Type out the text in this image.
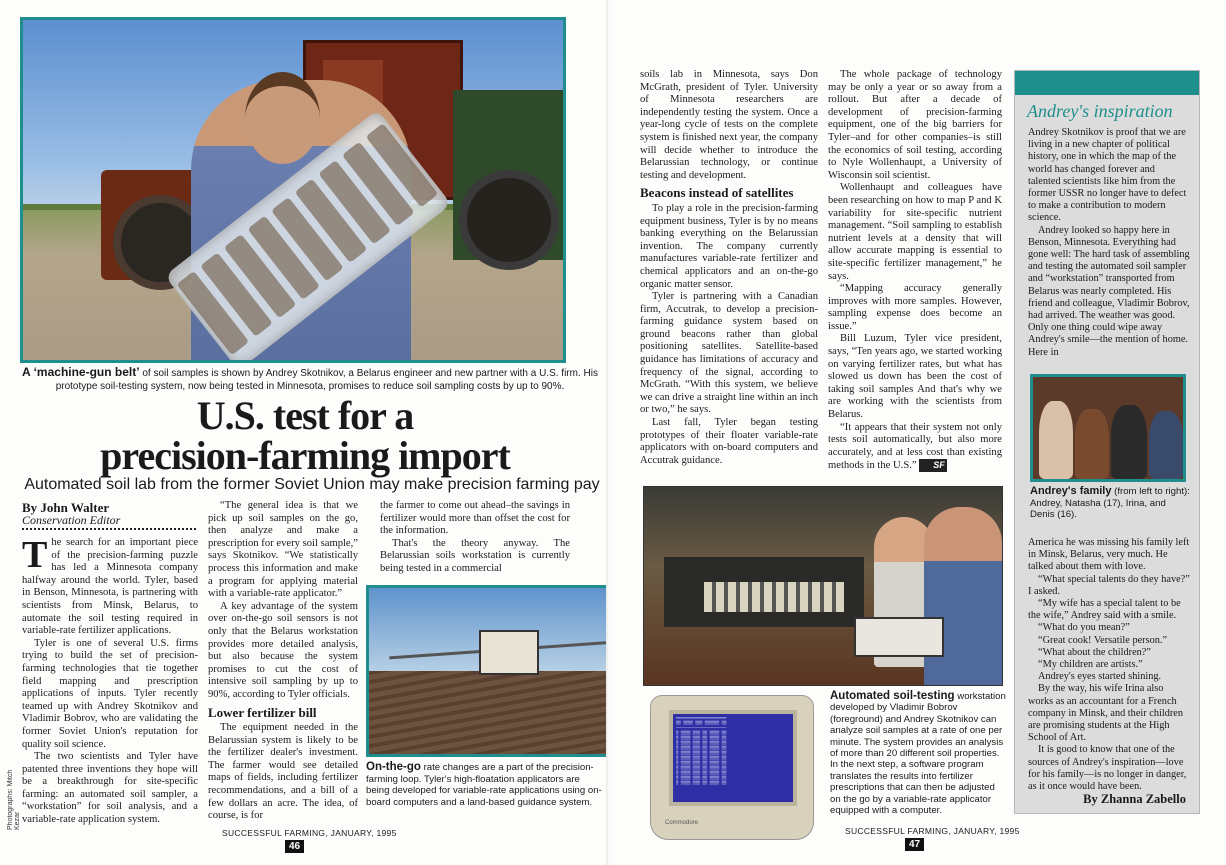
A ‘machine-gun belt’ of soil samples is shown by Andrey Skotnikov, a Belarus engineer and new partner with a U.S. firm. His prototype soil-testing system, now being tested in Minnesota, promises to reduce soil sampling costs by up to 90%.
U.S. test for a
precision-farming import
Automated soil lab from the former Soviet Union may make precision farming pay
By John Walter
Conservation Editor

The search for an important piece of the precision-farming puzzle has led a Minnesota company halfway around the world. Tyler, based in Benson, Minnesota, is partnering with scientists from Minsk, Belarus, to automate the soil testing required in variable-rate fertilizer applications.

Tyler is one of several U.S. firms trying to build the set of precision-farming technologies that tie together field mapping and prescription applications of inputs. Tyler recently teamed up with Andrey Skotnikov and Vladimir Bobrov, who are validating the former Soviet Union's reputation for quality soil science.

The two scientists and Tyler have patented three inventions they hope will be a breakthrough for site-specific farming: an automated soil sampler, a “workstation” for soil analysis, and a variable-rate application system.

“The general idea is that we pick up soil samples on the go, then analyze and make a prescription for every soil sample,” says Skotnikov. “We statistically process this information and make a program for applying material with a variable-rate applicator.”

A key advantage of the system over on-the-go soil sensors is not only that the Belarus workstation provides more detailed analysis, but also because the system promises to cut the cost of intensive soil sampling by up to 90%, according to Tyler officials.

Lower fertilizer bill

The equipment needed in the Belarussian system is likely to be the fertilizer dealer's investment. The farmer would see detailed maps of fields, including fertilizer recommendations, and a bill of a few dollars an acre. The idea, of course, is for

the farmer to come out ahead–the savings in fertilizer would more than offset the cost for the information.

That's the theory anyway. The Belarussian soils workstation is currently being tested in a commercial

On-the-go rate changes are a part of the precision-farming loop. Tyler's high-floatation applicators are being developed for variable-rate applications using on-board computers and a land-based guidance system.
Photographs: Mitch Kezar
SUCCESSFUL FARMING, JANUARY, 1995
46

soils lab in Minnesota, says Don McGrath, president of Tyler. University of Minnesota researchers are independently testing the system. Once a year-long cycle of tests on the complete system is finished next year, the company will decide whether to introduce the Belarussian technology, or continue testing and development.

Beacons instead of satellites

To play a role in the precision-farming equipment business, Tyler is by no means banking everything on the Belarussian invention. The company currently manufactures variable-rate fertilizer and chemical applicators and an on-the-go organic matter sensor.

Tyler is partnering with a Canadian firm, Accutrak, to develop a precision-farming guidance system based on ground beacons rather than global positioning satellites. Satellite-based guidance has limitations of accuracy and frequency of the signal, according to McGrath. “With this system, we believe we can drive a straight line within an inch or two,” he says.

Last fall, Tyler began testing prototypes of their floater variable-rate applicators with on-board computers and Accutrak guidance.

The whole package of technology may be only a year or so away from a rollout. But after a decade of development of precision-farming equipment, one of the big barriers for Tyler–and for other companies–is still the economics of soil testing, according to Nyle Wollenhaupt, a University of Wisconsin soil scientist.

Wollenhaupt and colleagues have been researching on how to map P and K variability for site-specific nutrient management. “Soil sampling to establish nutrient levels at a density that will allow accurate mapping is essential to site-specific fertilizer management,” he says.

“Mapping accuracy generally improves with more samples. However, sampling expense does become an issue.”

Bill Luzum, Tyler vice president, says, “Ten years ago, we started working on varying fertilizer rates, but what has slowed us down has been the cost of taking soil samples And that's why we are working with the scientists from Belarus.

“It appears that their system not only tests soil automatically, but also more accurately, and at less cost than existing methods in the U.S.” SF

Andrey's inspiration

Andrey Skotnikov is proof that we are living in a new chapter of political history, one in which the map of the world has changed forever and talented scientists like him from the former USSR no longer have to defect to make a contribution to modern science.

Andrey looked so happy here in Benson, Minnesota. Everything had gone well: The hard task of assembling and testing the automated soil sampler and “workstation” transported from Belarus was nearly completed. His friend and colleague, Vladimir Bobrov, had arrived. The weather was good. Only one thing could wipe away Andrey's smile—the mention of home. Here in

America he was missing his family left in Minsk, Belarus, very much. He talked about them with love.

“What special talents do they have?” I asked.

“My wife has a special talent to be the wife,” Andrey said with a smile.

“What do you mean?”

“Great cook! Versatile person.”

“What about the children?”

“My children are artists.”

Andrey's eyes started shining.

By the way, his wife Irina also works as an accountant for a French company in Minsk, and their children are promising students at the High School of Art.

It is good to know that one of the sources of Andrey's inspiration—love for his family—is no longer in danger, as it once would have been.

Andrey's family (from left to right): Andrey, Natasha (17), Irina, and Denis (16).
By Zhanna Zabello
═════════════════════
▒▒ ▒▒▒▒ ▒▒▒ ▒▒▒▒▒▒ ▒▒
─────────────────────
▒ ▒▒▒▒ ▒▒▒ ▒▒ ▒▒▒▒ ▒▒
▒ ▒▒▒▒ ▒▒▒ ▒▒ ▒▒▒▒ ▒▒
▒ ▒▒▒▒ ▒▒▒ ▒▒ ▒▒▒▒ ▒▒
▒ ▒▒▒▒ ▒▒▒ ▒▒ ▒▒▒▒ ▒▒
▒ ▒▒▒▒ ▒▒▒ ▒▒ ▒▒▒▒ ▒▒
▒ ▒▒▒▒ ▒▒▒ ▒▒ ▒▒▒▒ ▒▒
▒ ▒▒▒▒ ▒▒▒ ▒▒ ▒▒▒▒ ▒▒
▒ ▒▒▒▒ ▒▒▒ ▒▒ ▒▒▒▒ ▒▒
▒ ▒▒▒▒ ▒▒▒ ▒▒ ▒▒▒▒ ▒▒
▒ ▒▒▒▒ ▒▒▒ ▒▒ ▒▒▒▒ ▒▒
▒ ▒▒▒▒ ▒▒▒ ▒▒ ▒▒▒▒ ▒▒
Commodore
Automated soil-testing workstation developed by Vladimir Bobrov (foreground) and Andrey Skotnikov can analyze soil samples at a rate of one per minute. The system provides an analysis of more than 20 different soil properties. In the next step, a software program translates the results into fertilizer prescriptions that can then be adjusted on the go by a variable-rate applicator equipped with a computer.
SUCCESSFUL FARMING, JANUARY, 1995
47
